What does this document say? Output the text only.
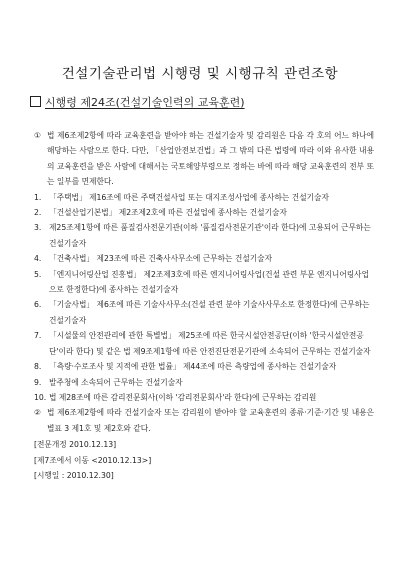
건설기술관리법 시행령 및 시행규칙 관련조항
시행령 제24조(건설기술인력의 교육훈련)
① 법 제6조제2항에 따라 교육훈련을 받아야 하는 건설기술자 및 감리원은 다음 각 호의 어느 하나에 해당하는 사람으로 한다. 다만, 「산업안전보건법」과 그 밖의 다른 법령에 따라 이와 유사한 내용의 교육훈련을 받은 사람에 대해서는 국토해양부령으로 정하는 바에 따라 해당 교육훈련의 전부 또는 일부를 면제한다.
1. 「주택법」 제16조에 따른 주택건설사업 또는 대지조성사업에 종사하는 건설기술자
2. 「건설산업기본법」 제2조제2호에 따른 건설업에 종사하는 건설기술자
3. 제25조제1항에 따른 품질검사전문기관(이하 '품질검사전문기관'이라 한다)에 고용되어 근무하는 건설기술자
4. 「건축사법」 제23조에 따른 건축사사무소에 근무하는 건설기술자
5. 「엔지니어링산업 진흥법」 제2조제3호에 따른 엔지니어링사업(건설 관련 부문 엔지니어링사업으로 한정한다)에 종사하는 건설기술자
6. 「기술사법」 제6조에 따른 기술사사무소(건설 관련 분야 기술사사무소로 한정한다)에 근무하는 건설기술자
7. 「시설물의 안전관리에 관한 특별법」 제25조에 따른 한국시설안전공단(이하 '한국시설안전공단'이라 한다) 및 같은 법 제9조제1항에 따른 안전진단전문기관에 소속되어 근무하는 건설기술자
8. 「측량·수로조사 및 지적에 관한 법률」 제44조에 따른 측량업에 종사하는 건설기술자
9. 발주청에 소속되어 근무하는 건설기술자
10. 법 제28조에 따른 감리전문회사(이하 '감리전문회사'라 한다)에 근무하는 감리원
② 법 제6조제2항에 따라 건설기술자 또는 감리원이 받아야 할 교육훈련의 종류·기준·기간 및 내용은 별표 3 제1호 및 제2호와 같다.
[전문개정 2010.12.13]
[제7조에서 이동 <2010.12.13>]
[시행일 : 2010.12.30]
